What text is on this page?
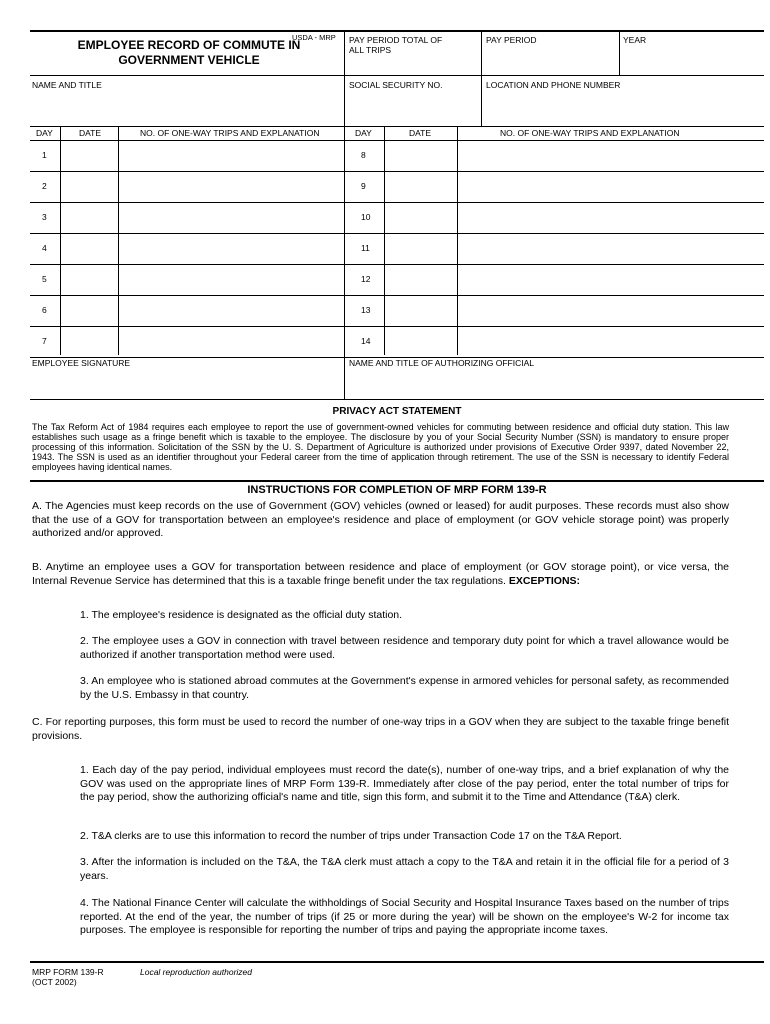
USDA - MRP
EMPLOYEE RECORD OF COMMUTE IN
GOVERNMENT VEHICLE
PAY PERIOD TOTAL OF
ALL TRIPS
PAY PERIOD	YEAR
NAME AND TITLE	SOCIAL SECURITY NO.	LOCATION AND PHONE NUMBER
DAY	DATE	NO. OF ONE-WAY TRIPS AND EXPLANATION	DAY	DATE	NO. OF ONE-WAY TRIPS AND EXPLANATION
1	8
2	9
3	10
4	11
5	12
6	13
7	14
EMPLOYEE SIGNATURE	NAME AND TITLE OF AUTHORIZING OFFICIAL
PRIVACY ACT STATEMENT
The Tax Reform Act of 1984 requires each employee to report the use of government-owned vehicles for commuting between residence and official duty station. This law establishes such usage as a fringe benefit which is taxable to the employee. The disclosure by you of your Social Security Number (SSN) is mandatory to ensure proper processing of this information. Solicitation of the SSN by the U. S. Department of Agriculture is authorized under provisions of Executive Order 9397, dated November 22, 1943. The SSN is used as an identifier throughout your Federal career from the time of application through retirement. The use of the SSN is necessary to identify Federal employees having identical names.
INSTRUCTIONS FOR COMPLETION OF MRP FORM 139-R
A. The Agencies must keep records on the use of Government (GOV) vehicles (owned or leased) for audit purposes. These records must also show that the use of a GOV for transportation between an employee's residence and place of employment (or GOV vehicle storage point) was properly authorized and/or approved.
B. Anytime an employee uses a GOV for transportation between residence and place of employment (or GOV storage point), or vice versa, the Internal Revenue Service has determined that this is a taxable fringe benefit under the tax regulations. EXCEPTIONS:
1. The employee's residence is designated as the official duty station.
2. The employee uses a GOV in connection with travel between residence and temporary duty point for which a travel allowance would be authorized if another transportation method were used.
3. An employee who is stationed abroad commutes at the Government's expense in armored vehicles for personal safety, as recommended by the U.S. Embassy in that country.
C. For reporting purposes, this form must be used to record the number of one-way trips in a GOV when they are subject to the taxable fringe benefit provisions.
1. Each day of the pay period, individual employees must record the date(s), number of one-way trips, and a brief explanation of why the GOV was used on the appropriate lines of MRP Form 139-R. Immediately after close of the pay period, enter the total number of trips for the pay period, show the authorizing official's name and title, sign this form, and submit it to the Time and Attendance (T&A) clerk.
2. T&A clerks are to use this information to record the number of trips under Transaction Code 17 on the T&A Report.
3. After the information is included on the T&A, the T&A clerk must attach a copy to the T&A and retain it in the official file for a period of 3 years.
4. The National Finance Center will calculate the withholdings of Social Security and Hospital Insurance Taxes based on the number of trips reported. At the end of the year, the number of trips (if 25 or more during the year) will be shown on the employee's W-2 for income tax purposes. The employee is responsible for reporting the number of trips and paying the appropriate income taxes.
MRP FORM 139-R
(OCT 2002)
Local reproduction authorized
